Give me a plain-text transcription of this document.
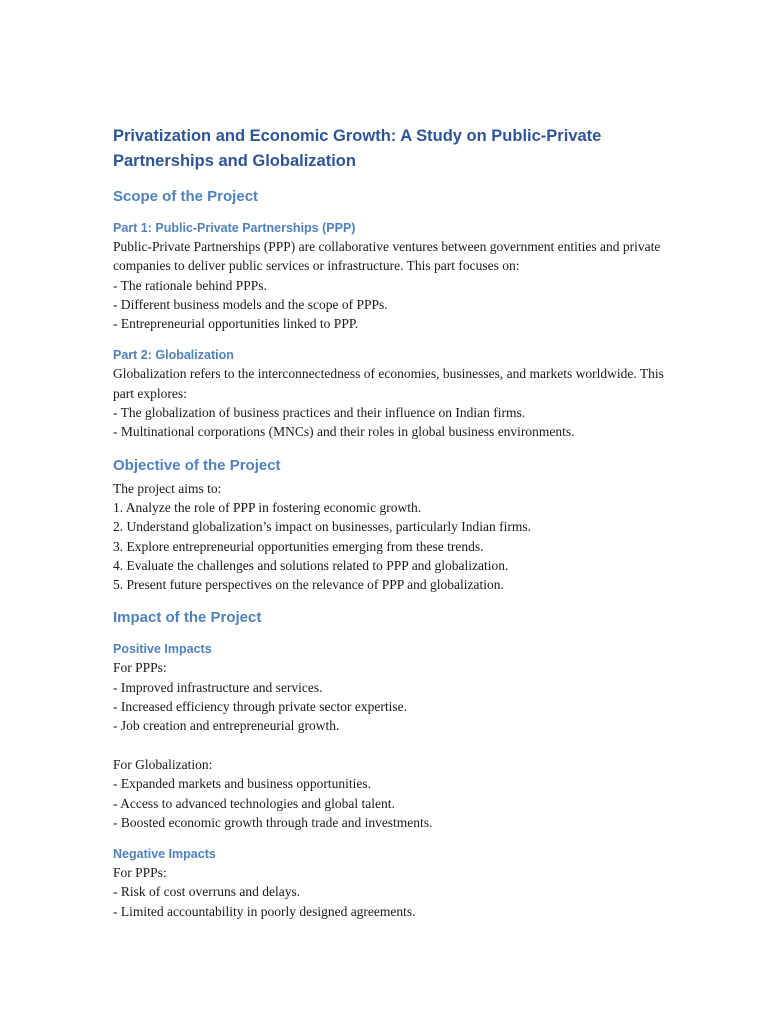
Privatization and Economic Growth: A Study on Public-Private Partnerships and Globalization
Scope of the Project
Part 1: Public-Private Partnerships (PPP)

Public-Private Partnerships (PPP) are collaborative ventures between government entities and private companies to deliver public services or infrastructure. This part focuses on:
- The rationale behind PPPs.
- Different business models and the scope of PPPs.
- Entrepreneurial opportunities linked to PPP.

Part 2: Globalization

Globalization refers to the interconnectedness of economies, businesses, and markets worldwide. This part explores:
- The globalization of business practices and their influence on Indian firms.
- Multinational corporations (MNCs) and their roles in global business environments.

Objective of the Project

The project aims to:
1. Analyze the role of PPP in fostering economic growth.
2. Understand globalization’s impact on businesses, particularly Indian firms.
3. Explore entrepreneurial opportunities emerging from these trends.
4. Evaluate the challenges and solutions related to PPP and globalization.
5. Present future perspectives on the relevance of PPP and globalization.

Impact of the Project
Positive Impacts

For PPPs:
- Improved infrastructure and services.
- Increased efficiency through private sector expertise.
- Job creation and entrepreneurial growth.

For Globalization:
- Expanded markets and business opportunities.
- Access to advanced technologies and global talent.
- Boosted economic growth through trade and investments.

Negative Impacts

For PPPs:
- Risk of cost overruns and delays.
- Limited accountability in poorly designed agreements.
